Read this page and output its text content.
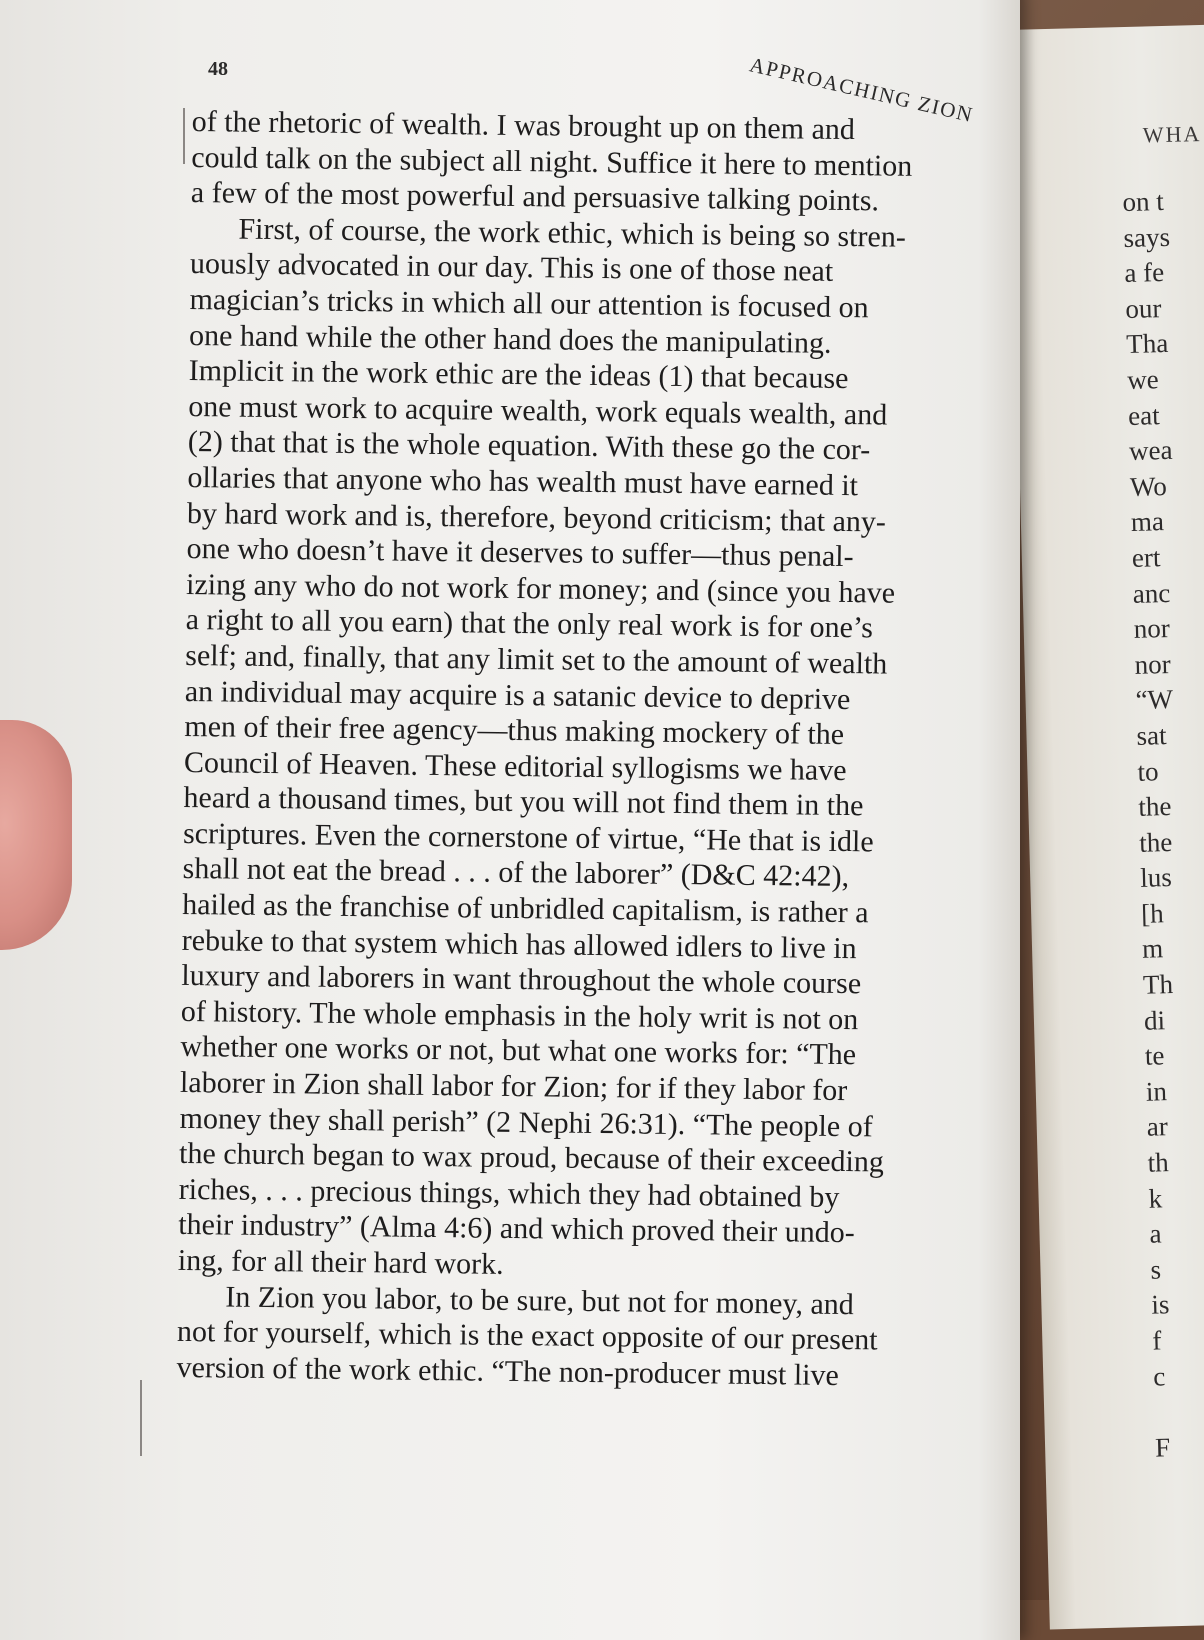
WHA
on t
says
a fe
our
Tha
we
eat
wea
Wo
ma
ert
anc
nor
nor
“W
sat
to
the
the
lus
[h
m
Th
di
te
in
ar
th
k
a
s
is
f
c
F
48	APPROACHING ZION
of the rhetoric of wealth. I was brought up on them and
could talk on the subject all night. Suffice it here to mention
a few of the most powerful and persuasive talking points.
First, of course, the work ethic, which is being so stren-
uously advocated in our day. This is one of those neat
magician’s tricks in which all our attention is focused on
one hand while the other hand does the manipulating.
Implicit in the work ethic are the ideas (1) that because
one must work to acquire wealth, work equals wealth, and
(2) that that is the whole equation. With these go the cor-
ollaries that anyone who has wealth must have earned it
by hard work and is, therefore, beyond criticism; that any-
one who doesn’t have it deserves to suffer—thus penal-
izing any who do not work for money; and (since you have
a right to all you earn) that the only real work is for one’s
self; and, finally, that any limit set to the amount of wealth
an individual may acquire is a satanic device to deprive
men of their free agency—thus making mockery of the
Council of Heaven. These editorial syllogisms we have
heard a thousand times, but you will not find them in the
scriptures. Even the cornerstone of virtue, “He that is idle
shall not eat the bread . . . of the laborer” (D&C 42:42),
hailed as the franchise of unbridled capitalism, is rather a
rebuke to that system which has allowed idlers to live in
luxury and laborers in want throughout the whole course
of history. The whole emphasis in the holy writ is not on
whether one works or not, but what one works for: “The
laborer in Zion shall labor for Zion; for if they labor for
money they shall perish” (2 Nephi 26:31). “The people of
the church began to wax proud, because of their exceeding
riches, . . . precious things, which they had obtained by
their industry” (Alma 4:6) and which proved their undo-
ing, for all their hard work.
In Zion you labor, to be sure, but not for money, and
not for yourself, which is the exact opposite of our present
version of the work ethic. “The non-producer must live
